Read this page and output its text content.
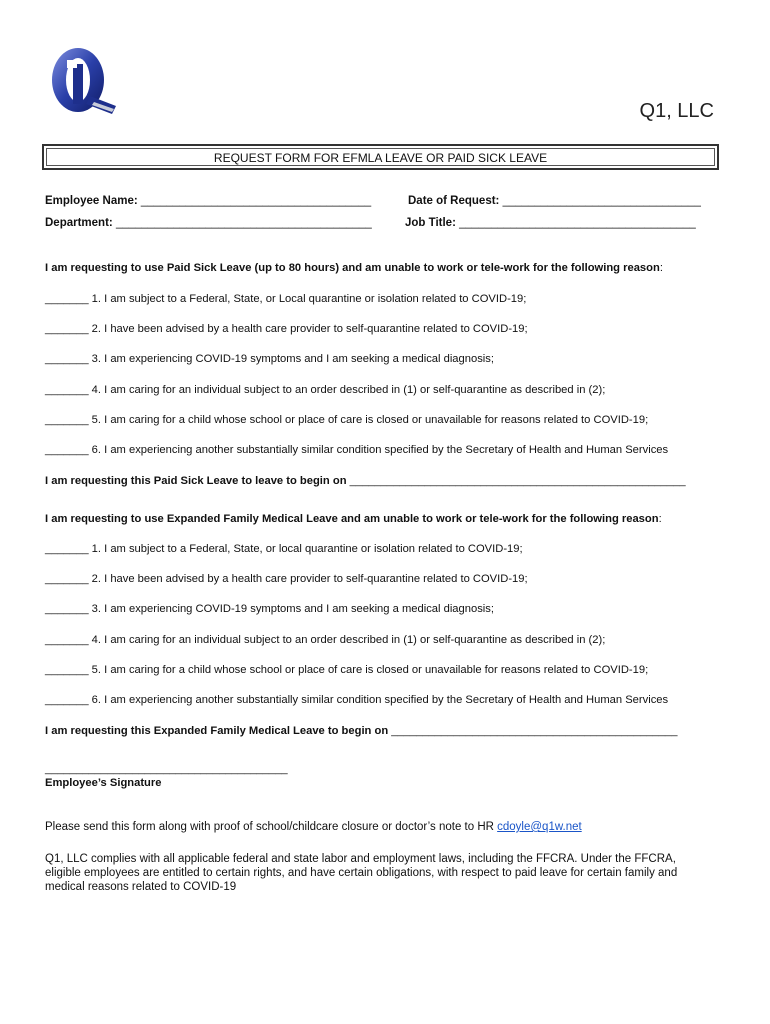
Q1, LLC
REQUEST FORM FOR EFMLA LEAVE OR PAID SICK LEAVE
Employee Name: ____________________________________	Date of Request: _______________________________
Department: ________________________________________	Job Title: _____________________________________
I am requesting to use Paid Sick Leave (up to 80 hours) and am unable to work or tele-work for the following reason:
_______ 1. I am subject to a Federal, State, or Local quarantine or isolation related to COVID-19;
_______ 2. I have been advised by a health care provider to self-quarantine related to COVID-19;
_______ 3. I am experiencing COVID-19 symptoms and I am seeking a medical diagnosis;
_______ 4. I am caring for an individual subject to an order described in (1) or self-quarantine as described in (2);
_______ 5. I am caring for a child whose school or place of care is closed or unavailable for reasons related to COVID-19;
_______ 6. I am experiencing another substantially similar condition specified by the Secretary of Health and Human Services
I am requesting this Paid Sick Leave to leave to begin on ______________________________________________________
I am requesting to use Expanded Family Medical Leave and am unable to work or tele-work for the following reason:
_______ 1. I am subject to a Federal, State, or local quarantine or isolation related to COVID-19;
_______ 2. I have been advised by a health care provider to self-quarantine related to COVID-19;
_______ 3. I am experiencing COVID-19 symptoms and I am seeking a medical diagnosis;
_______ 4. I am caring for an individual subject to an order described in (1) or self-quarantine as described in (2);
_______ 5. I am caring for a child whose school or place of care is closed or unavailable for reasons related to COVID-19;
_______ 6. I am experiencing another substantially similar condition specified by the Secretary of Health and Human Services
I am requesting this Expanded Family Medical Leave to begin on ______________________________________________
_______________________________________
Employee’s Signature
Please send this form along with proof of school/childcare closure or doctor’s note to HR cdoyle@q1w.net
Q1, LLC complies with all applicable federal and state labor and employment laws, including the FFCRA. Under the FFCRA, eligible employees are entitled to certain rights, and have certain obligations, with respect to paid leave for certain family and medical reasons related to COVID-19
